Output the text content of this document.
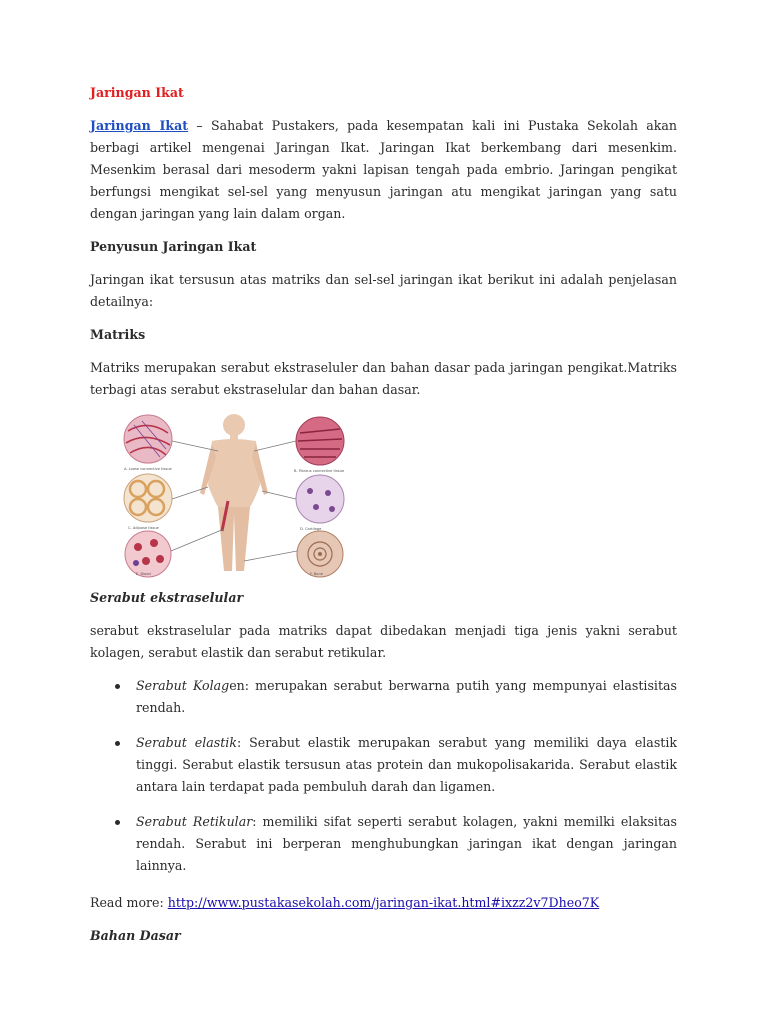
Jaringan Ikat

Jaringan Ikat – Sahabat Pustakers, pada kesempatan kali ini Pustaka Sekolah akan berbagi artikel mengenai Jaringan Ikat. Jaringan Ikat berkembang dari mesenkim. Mesenkim berasal dari mesoderm yakni lapisan tengah pada embrio. Jaringan pengikat berfungsi mengikat sel-sel yang menyusun jaringan atu mengikat jaringan yang satu dengan jaringan yang lain dalam organ.

Penyusun Jaringan Ikat

Jaringan ikat tersusun atas matriks dan sel-sel jaringan ikat berikut ini adalah penjelasan detailnya:

Matriks

Matriks merupakan serabut ekstraseluler dan bahan dasar pada jaringan pengikat.Matriks terbagi atas serabut ekstraselular dan bahan dasar.

A. Loose connective tissue	B. Fibrous connective tissue
C. Adipose tissue	D. Cartilage
E. Blood	F. Bone

Serabut ekstraselular

serabut ekstraselular pada matriks dapat dibedakan menjadi tiga jenis yakni serabut kolagen, serabut elastik dan serabut retikular.

Serabut Kolagen: merupakan serabut berwarna putih yang mempunyai elastisitas rendah.
Serabut elastik: Serabut elastik merupakan serabut yang memiliki daya elastik tinggi. Serabut elastik tersusun atas protein dan mukopolisakarida. Serabut elastik antara lain terdapat pada pembuluh darah dan ligamen.
Serabut Retikular: memiliki sifat seperti serabut kolagen, yakni memilki elaksitas rendah. Serabut ini berperan menghubungkan jaringan ikat dengan jaringan lainnya.

Read more: http://www.pustakasekolah.com/jaringan-ikat.html#ixzz2v7Dheo7K

Bahan Dasar
